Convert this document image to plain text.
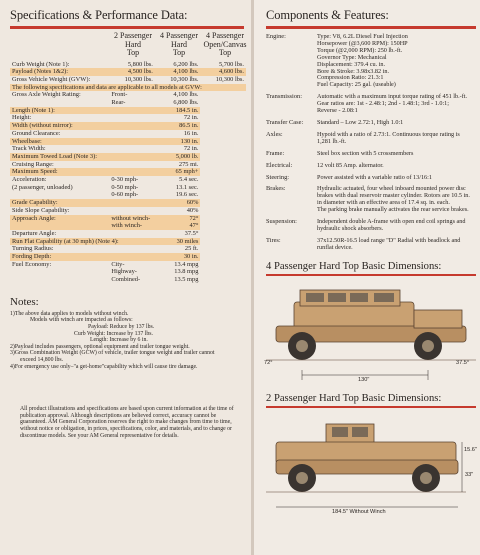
Specifications & Performance Data:
2 Passenger
Hard
Top
4 Passenger
Hard
Top
4 Passenger
Open/Canvas
Top
Curb Weight (Note 1):	5,800 lbs.	6,200 lbs.	5,700 lbs.
Payload (Notes 1&2):	4,500 lbs.	4,100 lbs.	4,600 lbs.
Gross Vehicle Weight (GVW):	10,300 lbs.	10,300 lbs.	10,300 lbs.
The following specifications and data are applicable to all models at GVW:			
Gross Axle Weight Rating:	Front-	4,100 lbs.	
	Rear-	6,800 lbs.	
Length (Note 1):		184.5 in.	
Height:		72 in.	
Width (without mirror):		86.5 in.	
Ground Clearance:		16 in.	
Wheelbase:		130 in.	
Track Width:		72 in.	
Maximum Towed Load (Note 3):		5,000 lb.	
Cruising Range:		275 mi.	
Maximum Speed:		65 mph+	
Acceleration:	0-30 mph-	5.4 sec.	
(2 passenger, unloaded)	0-50 mph-	13.1 sec.	
	0-60 mph-	19.6 sec.	
Grade Capability:		60%	
Side Slope Capability:		40%	
Approach Angle:	without winch-	72°	
	with winch-	47°	
Departure Angle:		37.5°	
Run Flat Capability (at 30 mph) (Note 4):		30 miles	
Turning Radius:		25 ft.	
Fording Depth:		30 in.	
Fuel Economy:	City-	13.4 mpg	
	Highway-	13.8 mpg	
	Combined-	13.5 mpg	
Notes:
1)The above data applies to models without winch.
Models with winch are impacted as follows:
Payload: Reduce by 137 lbs.
Curb Weight: Increase by 137 lbs.
Length: Increase by 6 in.
2)Payload includes passengers, optional equipment and trailer tongue weight.
3)Gross Combination Weight (GCW) of vehicle, trailer tongue weight and trailer cannot
exceed 14,800 lbs.
4)For emergency use only–"a get-home"capability which will cause tire damage.
All product illustrations and specifications are based upon current information at the time of publication approval. Although descriptions are believed correct, accuracy cannot be guaranteed. AM General Corporation reserves the right to make changes from time to time, without notice or obligation, in prices, specifications, color, and materials, and to change or discontinue models. See your AM General representative for details.
Components & Features:
Engine:	Type: V8, 6.2L Diesel Fuel Injection
Horsepower (@3,600 RPM): 150HP
Torque (@2,000 RPM): 250 lb.-ft.
Governor Type: Mechanical
Displacement: 379.4 cu. in.
Bore & Stroke: 3.98x3.82 in.
Compression Ratio: 21.3:1
Fuel Capacity: 25 gal. (useable)
Transmission:	Automatic with a maximum input torque rating of 451 lb.-ft.
Gear ratios are: 1st - 2.48:1; 2nd - 1.48:1; 3rd - 1.0:1;
Reverse - 2.08:1
Transfer Case:	Standard – Low 2.72:1, High 1.0:1
Axles:	Hypoid with a ratio of 2.73:1. Continuous torque rating is
1,281 lb.-ft.
Frame:	Steel box section with 5 crossmembers
Electrical:	12 volt 85 Amp. alternator.
Steering:	Power assisted with a variable ratio of 13/16:1
Brakes:	Hydraulic actuated, four wheel inboard mounted power disc
brakes with dual reservoir master cylinder. Rotors are 10.5 in.
in diameter with an effective area of 17.4 sq. in. each.
The parking brake manually activates the rear service brakes.
Suspension:	Independent double A-frame with open end coil springs and
hydraulic shock absorbers.
Tires:	37x12.50R-16.5 load range "D" Radial with beadlock and
runflat device.
4 Passenger Hard Top Basic Dimensions:
72°	37.5°
130"
2 Passenger Hard Top Basic Dimensions:
15.6"
33"
184.5" Without Winch
